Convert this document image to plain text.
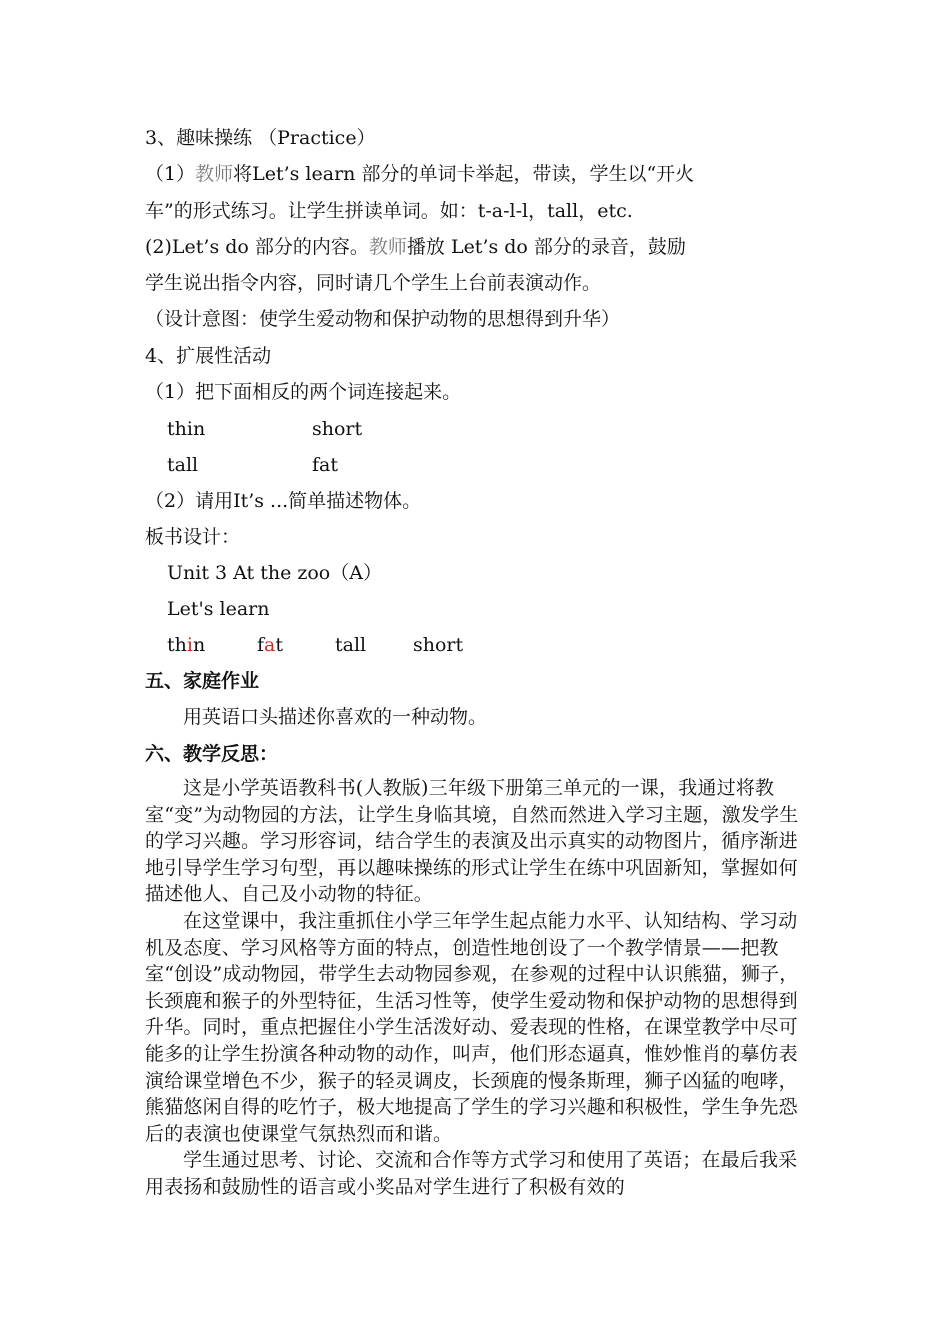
3、趣味操练 （Practice）
（1）教师将Let’s learn 部分的单词卡举起，带读，学生以“开火
车”的形式练习。让学生拼读单词。如：t-a-l-l，tall，etc.
(2)Let’s do 部分的内容。教师播放 Let’s do 部分的录音，鼓励
学生说出指令内容，同时请几个学生上台前表演动作。
（设计意图：使学生爱动物和保护动物的思想得到升华）
4、扩展性活动
（1）把下面相反的两个词连接起来。
thin	short
tall	fat
（2）请用It’s ...简单描述物体。
板书设计：
Unit 3 At the zoo（A）
Let's learn
thin	fat	tall short
五、家庭作业
用英语口头描述你喜欢的一种动物。
六、教学反思：

这是小学英语教科书(人教版)三年级下册第三单元的一课，我通过将教室“变”为动物园的方法，让学生身临其境，自然而然进入学习主题，激发学生的学习兴趣。学习形容词，结合学生的表演及出示真实的动物图片，循序渐进地引导学生学习句型，再以趣味操练的形式让学生在练中巩固新知，掌握如何描述他人、自己及小动物的特征。

在这堂课中，我注重抓住小学三年学生起点能力水平、认知结构、学习动机及态度、学习风格等方面的特点，创造性地创设了一个教学情景——把教室“创设”成动物园，带学生去动物园参观，在参观的过程中认识熊猫，狮子，长颈鹿和猴子的外型特征，生活习性等，使学生爱动物和保护动物的思想得到升华。同时，重点把握住小学生活泼好动、爱表现的性格，在课堂教学中尽可能多的让学生扮演各种动物的动作，叫声，他们形态逼真，惟妙惟肖的摹仿表演给课堂增色不少，猴子的轻灵调皮，长颈鹿的慢条斯理，狮子凶猛的咆哮，熊猫悠闲自得的吃竹子，极大地提高了学生的学习兴趣和积极性，学生争先恐后的表演也使课堂气氛热烈而和谐。

学生通过思考、讨论、交流和合作等方式学习和使用了英语；在最后我采用表扬和鼓励性的语言或小奖品对学生进行了积极有效的
